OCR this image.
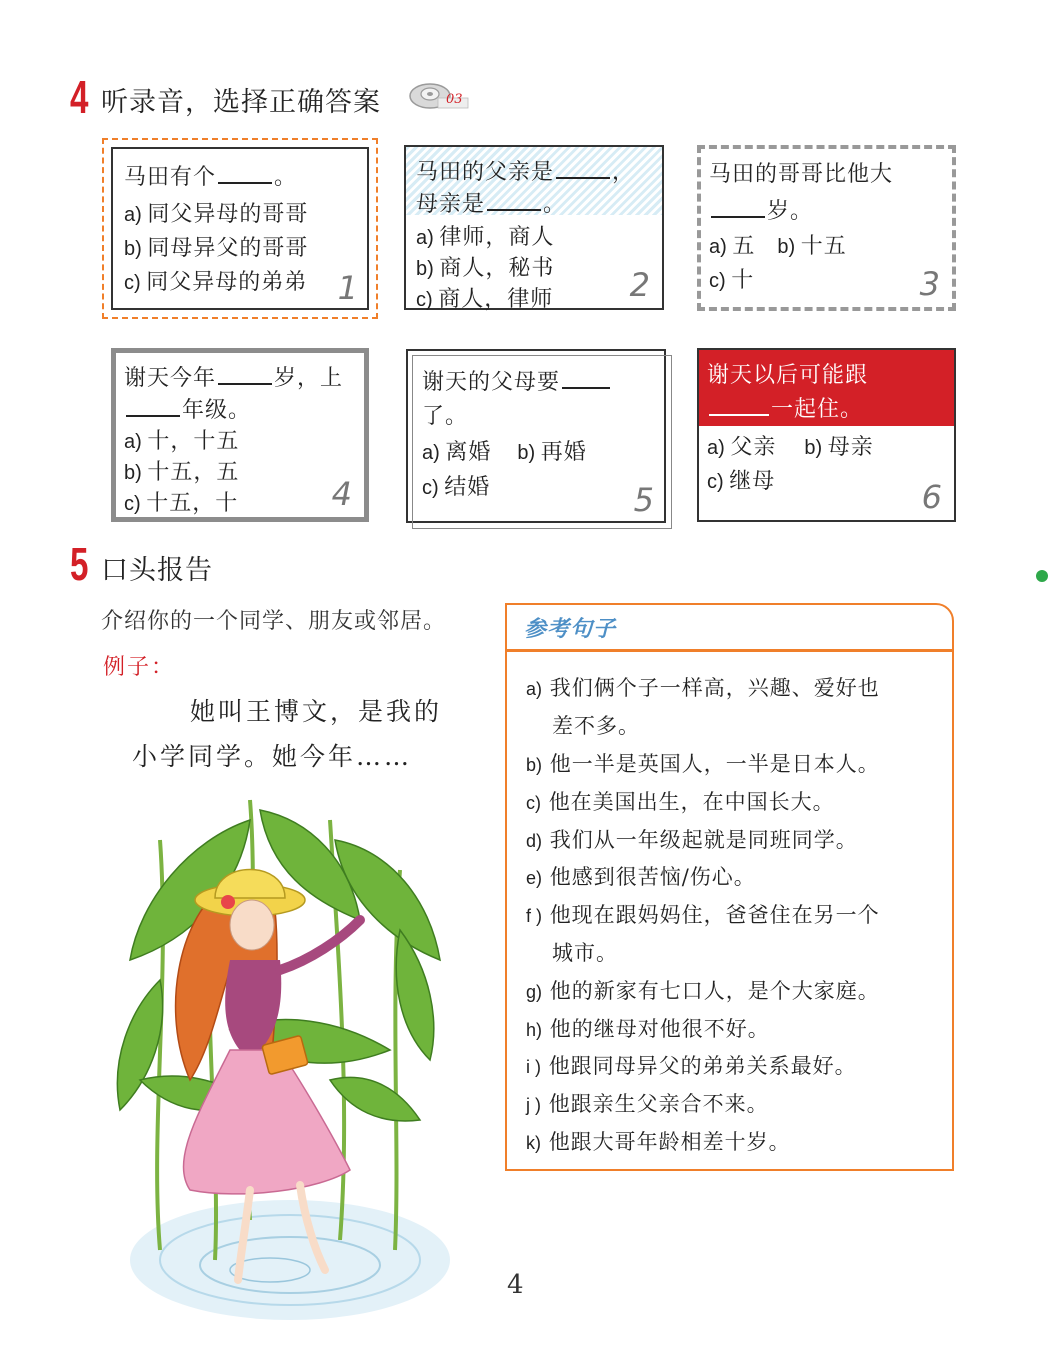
4 听录音，选择正确答案	03
马田有个	。
a) 同父异母的哥哥
b) 同母异父的哥哥
c) 同父异母的弟弟 1
马田的父亲是	，
母亲是	。
a) 律师，商人
b) 商人，秘书
c) 商人，律师 2
马田的哥哥比他大
岁。
a) 五 b) 十五
c) 十	3
谢天今年	岁，上
年级。
a) 十，十五
b) 十五，五
c) 十五，十	4
谢天的父母要
了。
a) 离婚 b) 再婚
c) 结婚	5
谢天以后可能跟
一起住。
a) 父亲 b) 母亲
c) 继母	6
5 口头报告
介绍你的一个同学、朋友或邻居。
例子：
她叫王博文，是我的
小学同学。她今年……
参考句子
a) 我们俩个子一样高，兴趣、爱好也
差不多。
b) 他一半是英国人，一半是日本人。
c) 他在美国出生，在中国长大。
d) 我们从一年级起就是同班同学。
e) 他感到很苦恼/伤心。
f ) 他现在跟妈妈住，爸爸住在另一个
城市。
g) 他的新家有七口人，是个大家庭。
h) 他的继母对他很不好。
i ) 他跟同母异父的弟弟关系最好。
j ) 他跟亲生父亲合不来。
k) 他跟大哥年龄相差十岁。
4
